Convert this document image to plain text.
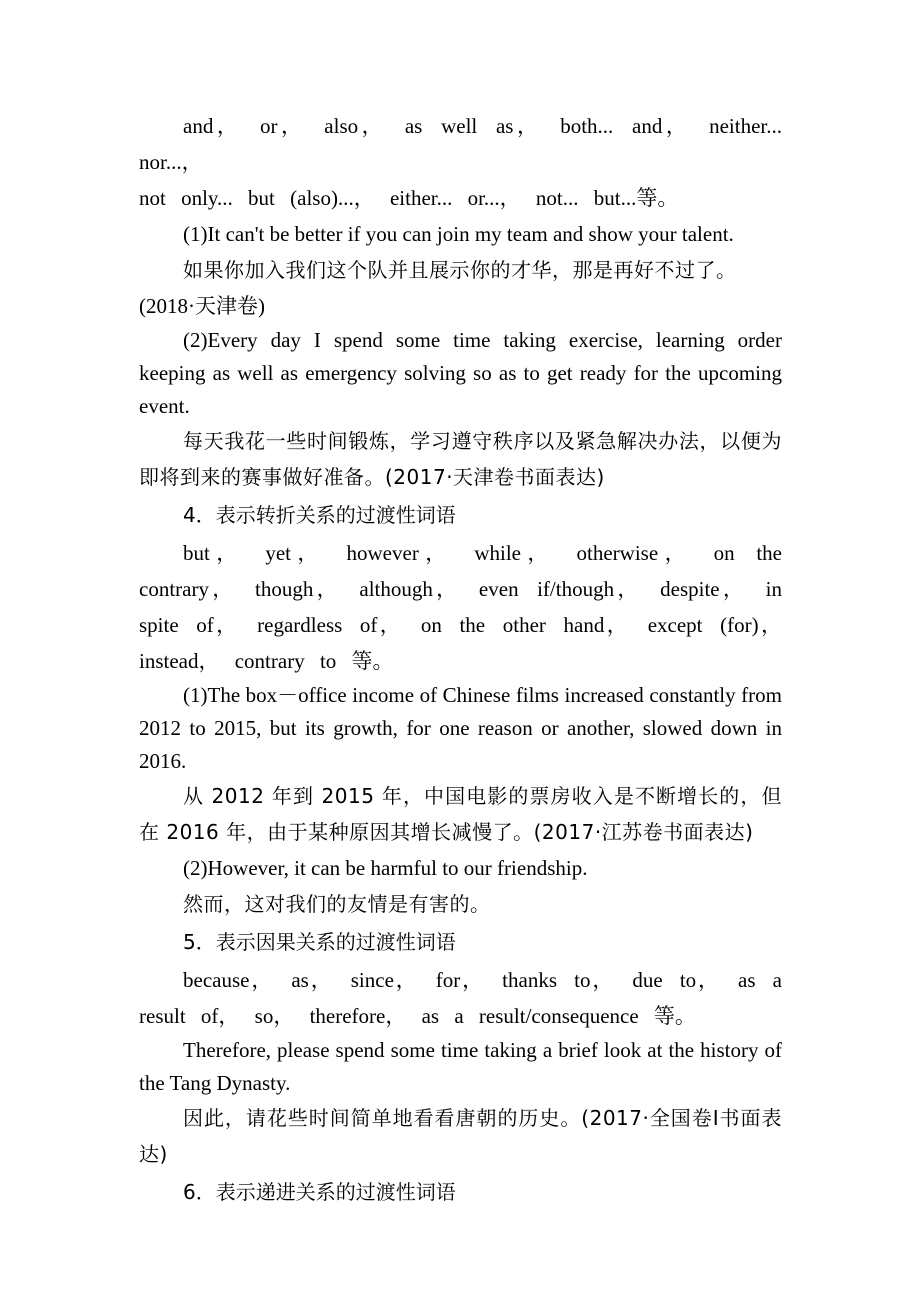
and， or， also， as well as， both... and， neither... nor...，

not only... but (also)...， either... or...， not... but...等。

(1)It can't be better if you can join my team and show your talent.

如果你加入我们这个队并且展示你的才华，那是再好不过了。

(2018·天津卷)

(2)Every day I spend some time taking exercise, learning order keeping as well as emergency solving so as to get ready for the upcoming event.

每天我花一些时间锻炼，学习遵守秩序以及紧急解决办法，以便为即将到来的赛事做好准备。(2017·天津卷书面表达)

4．表示转折关系的过渡性词语

but， yet， however， while， otherwise， on the contrary， though， although， even if/though， despite， in spite of， regardless of， on the other hand， except (for)， instead， contrary to 等。

(1)The box－office income of Chinese films increased constantly from 2012 to 2015, but its growth, for one reason or another, slowed down in 2016.

从 2012 年到 2015 年，中国电影的票房收入是不断增长的，但在 2016 年，由于某种原因其增长减慢了。(2017·江苏卷书面表达)

(2)However, it can be harmful to our friendship.

然而，这对我们的友情是有害的。

5．表示因果关系的过渡性词语

because， as， since， for， thanks to， due to， as a result of， so， therefore， as a result/consequence 等。

Therefore, please spend some time taking a brief look at the history of the Tang Dynasty.

因此，请花些时间简单地看看唐朝的历史。(2017·全国卷Ⅰ书面表达)

6．表示递进关系的过渡性词语
